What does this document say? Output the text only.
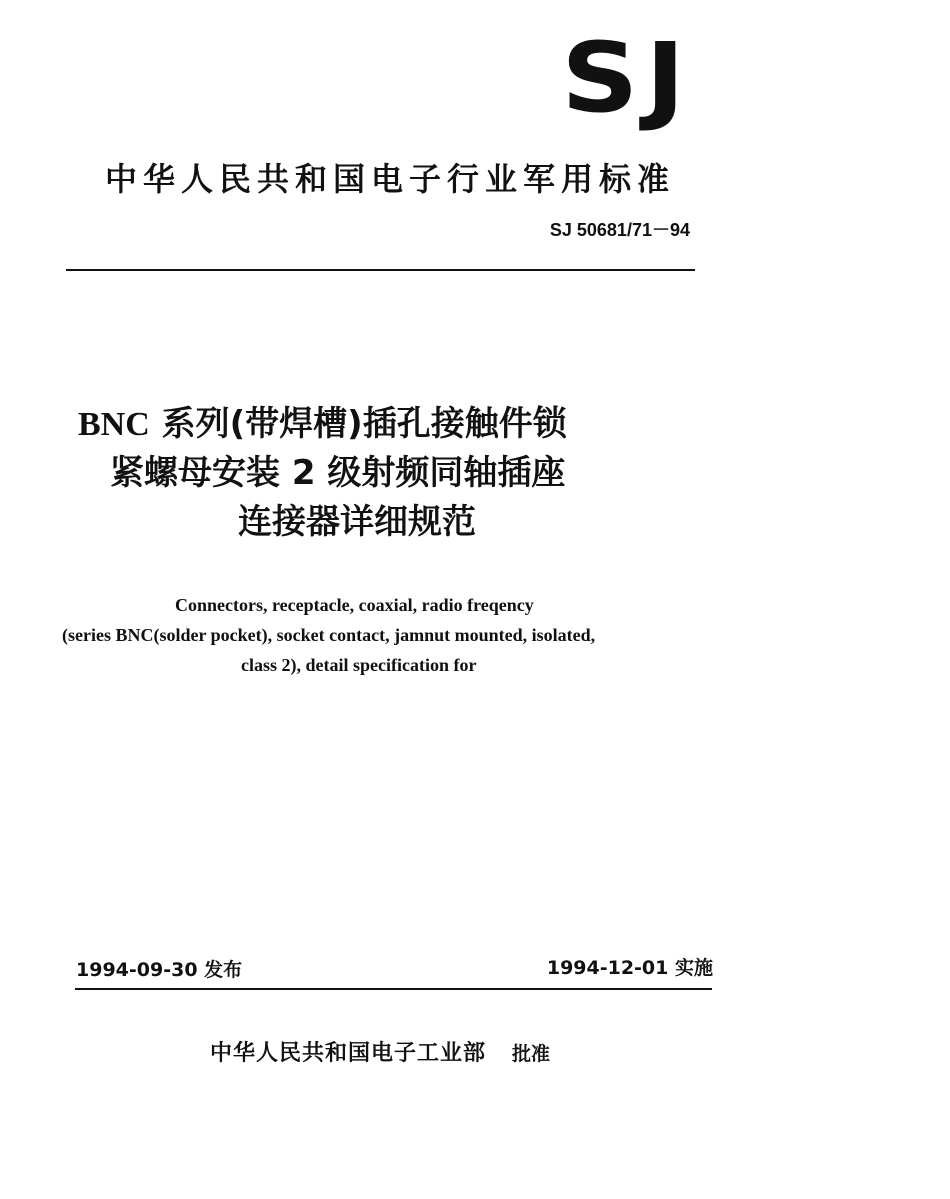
SJ
中华人民共和国电子行业军用标准
SJ 50681/71－94
BNC 系列(带焊槽)插孔接触件锁
紧螺母安装 2 级射频同轴插座
连接器详细规范
Connectors, receptacle, coaxial, radio freqency
(series BNC(solder pocket), socket contact, jamnut mounted, isolated,
class 2), detail specification for
1994-09-30 发布	1994-12-01 实施
中华人民共和国电子工业部 批准
